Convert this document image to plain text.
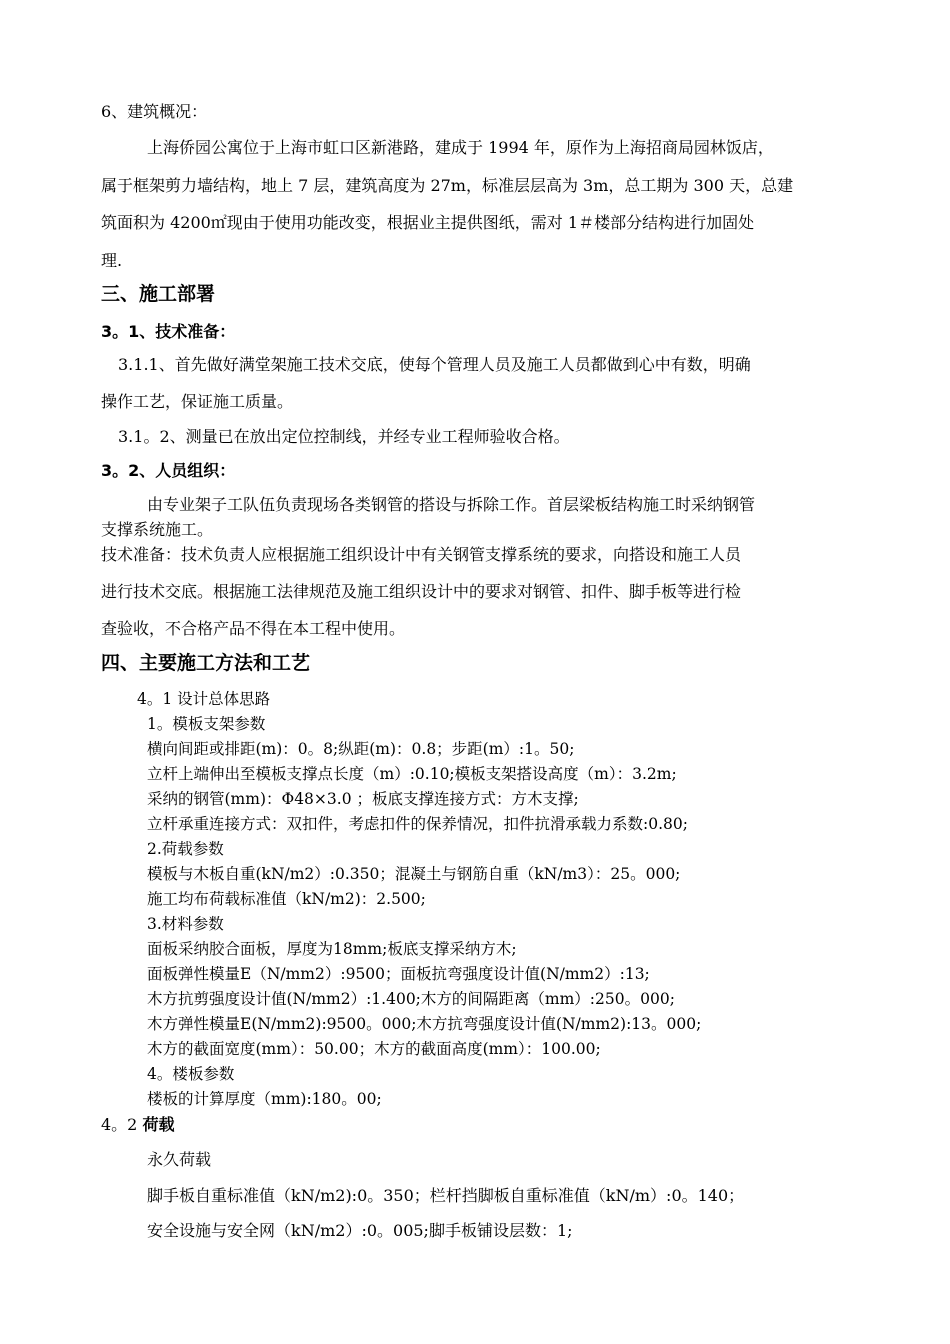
6、建筑概况：
上海侨园公寓位于上海市虹口区新港路，建成于 1994 年，原作为上海招商局园林饭店，
属于框架剪力墙结构，地上 7 层，建筑高度为 27m，标准层层高为 3m，总工期为 300 天，总建
筑面积为 4200㎡现由于使用功能改变，根据业主提供图纸，需对 1＃楼部分结构进行加固处
理.
三、施工部署
3。1、技术准备：
3.1.1、首先做好满堂架施工技术交底，使每个管理人员及施工人员都做到心中有数，明确
操作工艺，保证施工质量。
3.1。2、测量已在放出定位控制线，并经专业工程师验收合格。
3。2、人员组织：
由专业架子工队伍负责现场各类钢管的搭设与拆除工作。首层梁板结构施工时采纳钢管
支撑系统施工。
技术准备：技术负责人应根据施工组织设计中有关钢管支撑系统的要求，向搭设和施工人员
进行技术交底。根据施工法律规范及施工组织设计中的要求对钢管、扣件、脚手板等进行检
查验收，不合格产品不得在本工程中使用。
四、主要施工方法和工艺
4。1 设计总体思路
1。模板支架参数
横向间距或排距(m)：0。8;纵距(m)：0.8；步距(m）:1。50;
立杆上端伸出至模板支撑点长度（m）:0.10;模板支架搭设高度（m）：3.2m;
采纳的钢管(mm)：Φ48×3.0 ；板底支撑连接方式：方木支撑;
立杆承重连接方式：双扣件，考虑扣件的保养情况，扣件抗滑承载力系数:0.80;
2.荷载参数
模板与木板自重(kN/m2）:0.350；混凝土与钢筋自重（kN/m3）：25。000;
施工均布荷载标准值（kN/m2)：2.500;
3.材料参数
面板采纳胶合面板，厚度为18mm;板底支撑采纳方木;
面板弹性模量E（N/mm2）:9500；面板抗弯强度设计值(N/mm2）:13;
木方抗剪强度设计值(N/mm2）:1.400;木方的间隔距离（mm）:250。000;
木方弹性模量E(N/mm2):9500。000;木方抗弯强度设计值(N/mm2):13。000;
木方的截面宽度(mm）：50.00；木方的截面高度(mm）：100.00;
4。楼板参数
楼板的计算厚度（mm):180。00;
4。2 荷载
永久荷载
脚手板自重标准值（kN/m2):0。350；栏杆挡脚板自重标准值（kN/m）:0。140；
安全设施与安全网（kN/m2）:0。005;脚手板铺设层数：1;
